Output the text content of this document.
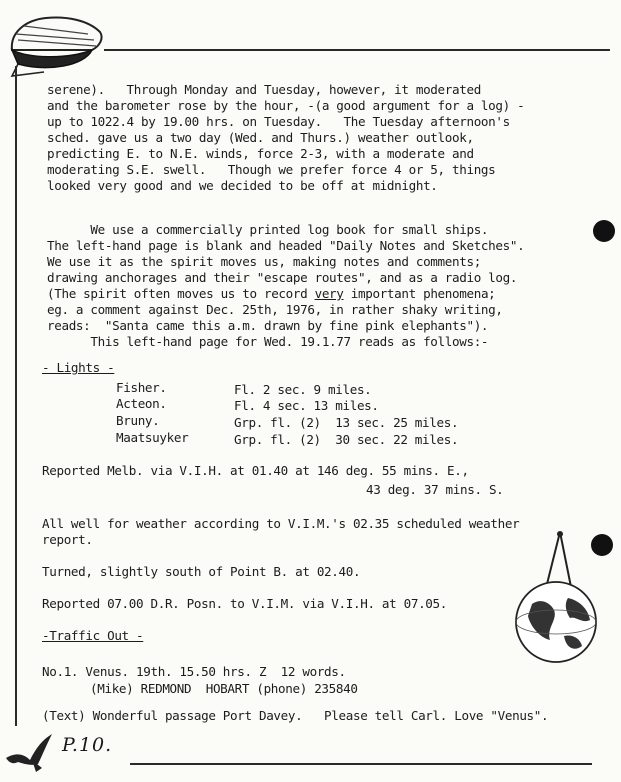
serene).   Through Monday and Tuesday, however, it moderated
and the barometer rose by the hour, -(a good argument for a log) -
up to 1022.4 by 19.00 hrs. on Tuesday.   The Tuesday afternoon's
sched. gave us a two day (Wed. and Thurs.) weather outlook,
predicting E. to N.E. winds, force 2-3, with a moderate and
moderating S.E. swell.   Though we prefer force 4 or 5, things
looked very good and we decided to be off at midnight.
We use a commercially printed log book for small ships.
The left-hand page is blank and headed "Daily Notes and Sketches".
We use it as the spirit moves us, making notes and comments;
drawing anchorages and their "escape routes", and as a radio log.
(The spirit often moves us to record very important phenomena;
eg. a comment against Dec. 25th, 1976, in rather shaky writing,
reads:  "Santa came this a.m. drawn by fine pink elephants").
This left-hand page for Wed. 19.1.77 reads as follows:-
- Lights -
Fisher.	Fl. 2 sec. 9 miles.
Acteon.	Fl. 4 sec. 13 miles.
Bruny.	Grp. fl. (2)  13 sec. 25 miles.
Maatsuyker	Grp. fl. (2)  30 sec. 22 miles.
Reported Melb. via V.I.H. at 01.40 at 146 deg. 55 mins. E.,
43 deg. 37 mins. S.
All well for weather according to V.I.M.'s 02.35 scheduled weather
report.
Turned, slightly south of Point B. at 02.40.
Reported 07.00 D.R. Posn. to V.I.M. via V.I.H. at 07.05.
-Traffic Out -
No.1. Venus. 19th. 15.50 hrs. Z  12 words.
(Mike) REDMOND  HOBART (phone) 235840
(Text) Wonderful passage Port Davey.   Please tell Carl. Love "Venus".
P.10.
